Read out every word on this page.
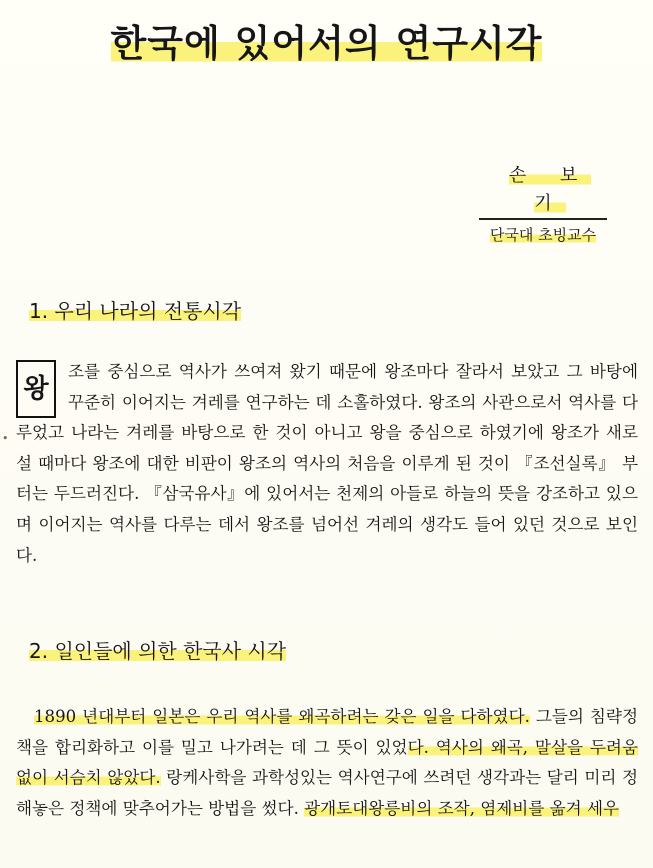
한국에 있어서의 연구시각
손 보 기
단국대 초빙교수
1. 우리 나라의 전통시각
•
왕

조를 중심으로 역사가 쓰여져 왔기 때문에 왕조마다 잘라서 보았고 그 바탕에 꾸준히 이어지는 겨레를 연구하는 데 소홀하였다. 왕조의 사관으로서 역사를 다루었고 나라는 겨레를 바탕으로 한 것이 아니고 왕을 중심으로 하였기에 왕조가 새로 설 때마다 왕조에 대한 비판이 왕조의 역사의 처음을 이루게 된 것이 『조선실록』 부터는 두드러진다. 『삼국유사』에 있어서는 천제의 아들로 하늘의 뜻을 강조하고 있으며 이어지는 역사를 다루는 데서 왕조를 넘어선 겨레의 생각도 들어 있던 것으로 보인다.

2. 일인들에 의한 한국사 시각

1890 년대부터 일본은 우리 역사를 왜곡하려는 갖은 일을 다하였다. 그들의 침략정책을 합리화하고 이를 밀고 나가려는 데 그 뜻이 있었다. 역사의 왜곡, 말살을 두려움 없이 서슴치 않았다. 랑케사학을 과학성있는 역사연구에 쓰려던 생각과는 달리 미리 정해놓은 정책에 맞추어가는 방법을 썼다. 광개토대왕릉비의 조작, 염제비를 옮겨 세우
